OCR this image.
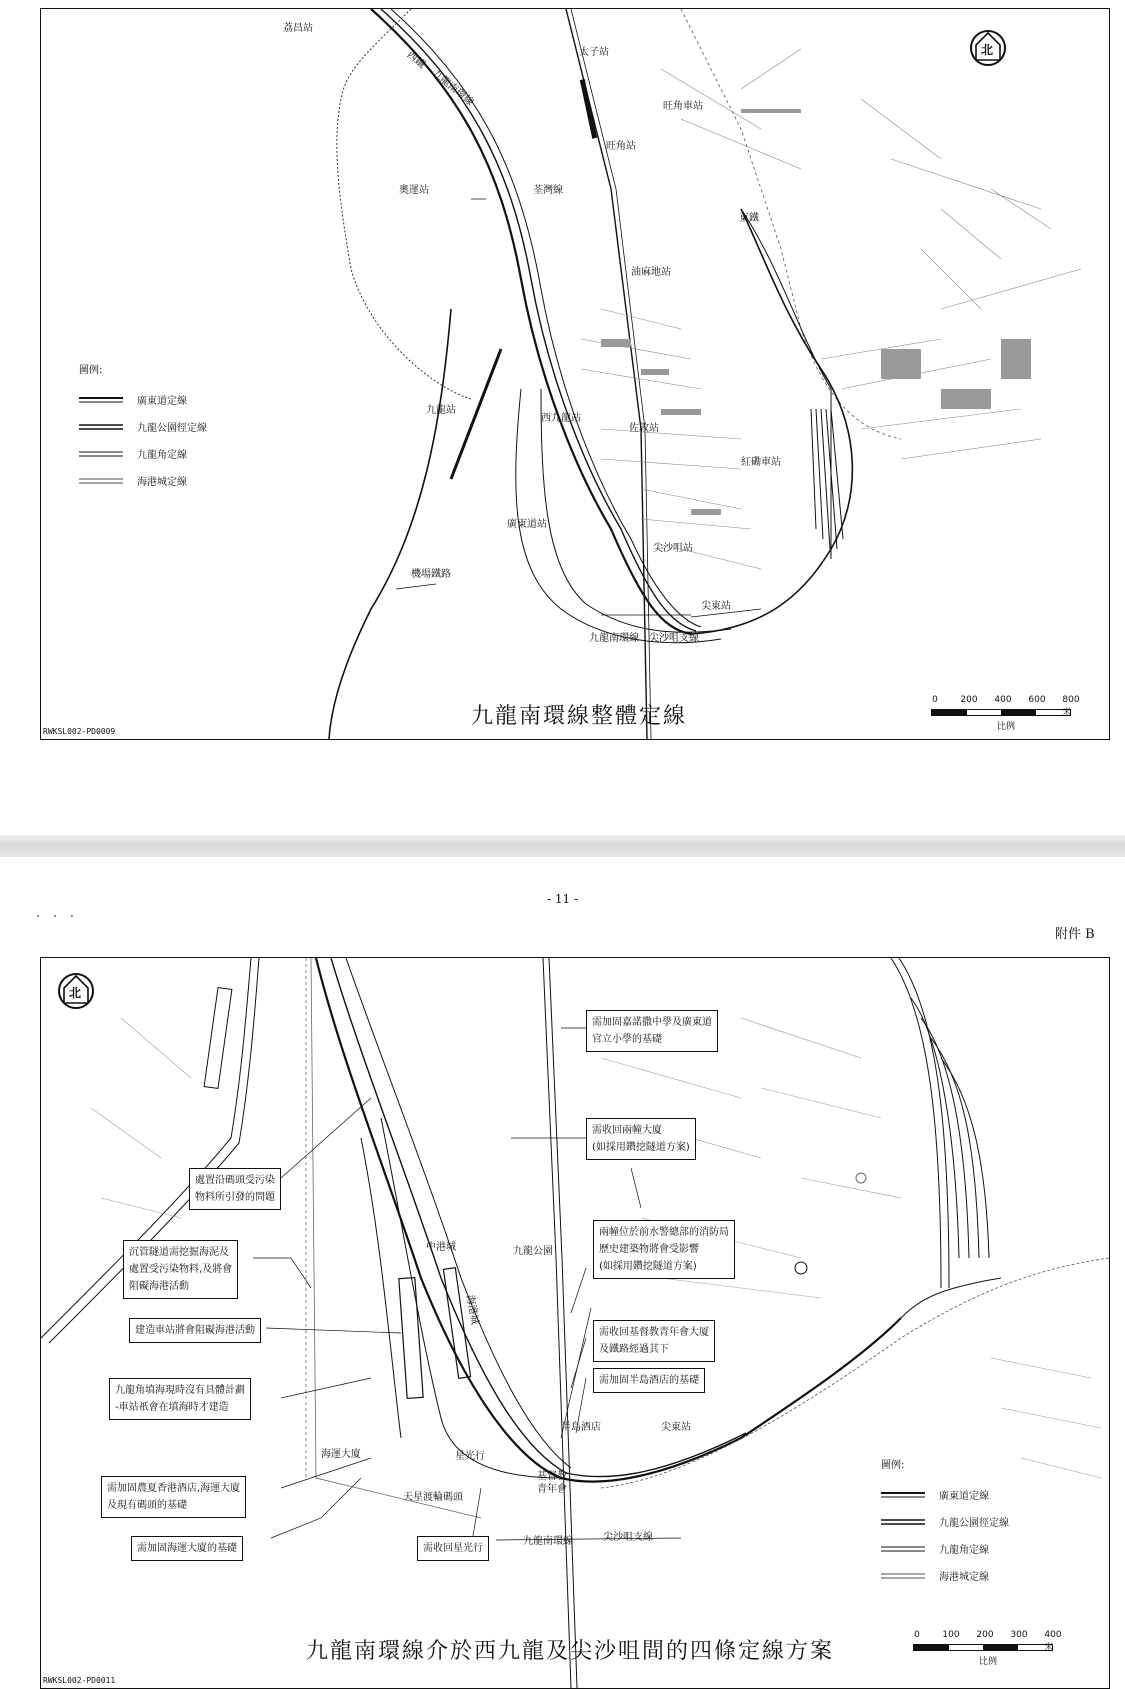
荔昌站
太子站
旺角車站
旺角站
荃灣線
東鐵
奧運站
油麻地站
九龍站
西九龍站
佐敦站
紅磡車站
廣東道站
尖沙咀站
機場鐵路
尖東站
九龍南環線 尖沙咀支線
西鐵
九龍南環線
北
圖例:
廣東道定線
九龍公園徑定線
九龍角定線
海港城定線
九龍南環線整體定線
RWKSL002-PD0009
0	200 400 600 800 米
比例
- 11 -
附件 B
· · ·
北
中港城	九龍公園
海港城
海運大廈	星光行
天星渡輪碼頭
半島酒店
基督教青年會
尖東站
九龍南環線	尖沙咀支線
需加固嘉諾撒中學及廣東道
官立小學的基礎
需收回兩幢大廈
(如採用鑽挖隧道方案)
處置沿碼頭受污染
物料所引發的問題
兩幢位於前水警總部的消防局
歷史建築物將會受影響
(如採用鑽挖隧道方案)
沉管隧道需挖掘海泥及
處置受污染物料,及將會
阻礙海港活動
需收回基督教青年會大厦
及鐵路經過其下
建造車站將會阻礙海港活動
需加固半島酒店的基礎
九龍角填海現時沒有具體計劃
-車站祇會在填海時才建造
需加固農夏香港酒店,海運大廈
及現有碼頭的基礎
需加固海運大廈的基礎	需收回星光行
圖例:
廣東道定線
九龍公園徑定線
九龍角定線
海港城定線
九龍南環線介於西九龍及尖沙咀間的四條定線方案
RWKSL002-PD0011
0	100 200 300 400 米
比例
